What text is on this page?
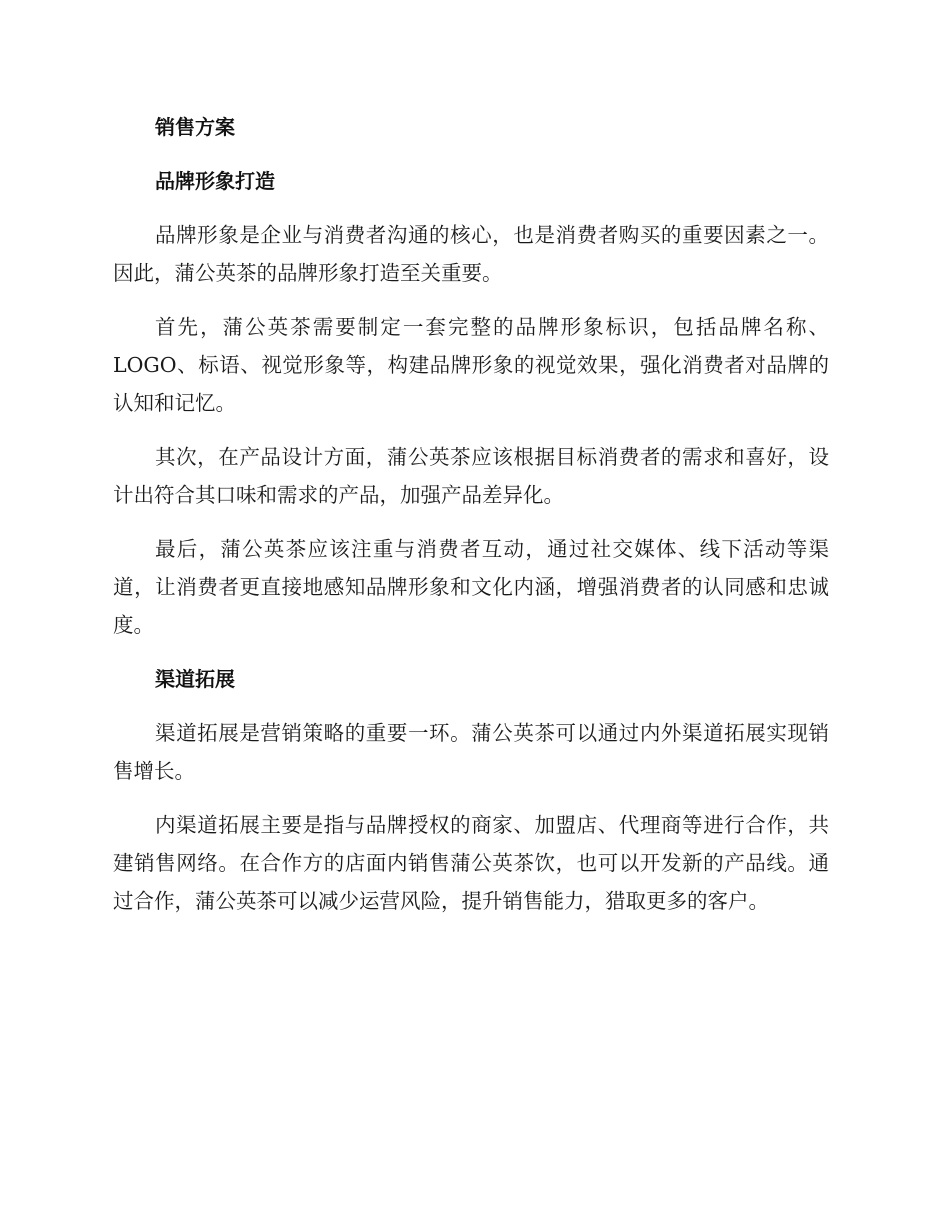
销售方案
品牌形象打造

品牌形象是企业与消费者沟通的核心，也是消费者购买的重要因素之一。因此，蒲公英茶的品牌形象打造至关重要。

首先，蒲公英茶需要制定一套完整的品牌形象标识，包括品牌名称、LOGO、标语、视觉形象等，构建品牌形象的视觉效果，强化消费者对品牌的认知和记忆。

其次，在产品设计方面，蒲公英茶应该根据目标消费者的需求和喜好，设计出符合其口味和需求的产品，加强产品差异化。

最后，蒲公英茶应该注重与消费者互动，通过社交媒体、线下活动等渠道，让消费者更直接地感知品牌形象和文化内涵，增强消费者的认同感和忠诚度。

渠道拓展

渠道拓展是营销策略的重要一环。蒲公英茶可以通过内外渠道拓展实现销售增长。

内渠道拓展主要是指与品牌授权的商家、加盟店、代理商等进行合作，共建销售网络。在合作方的店面内销售蒲公英茶饮，也可以开发新的产品线。通过合作，蒲公英茶可以减少运营风险，提升销售能力，猎取更多的客户。
